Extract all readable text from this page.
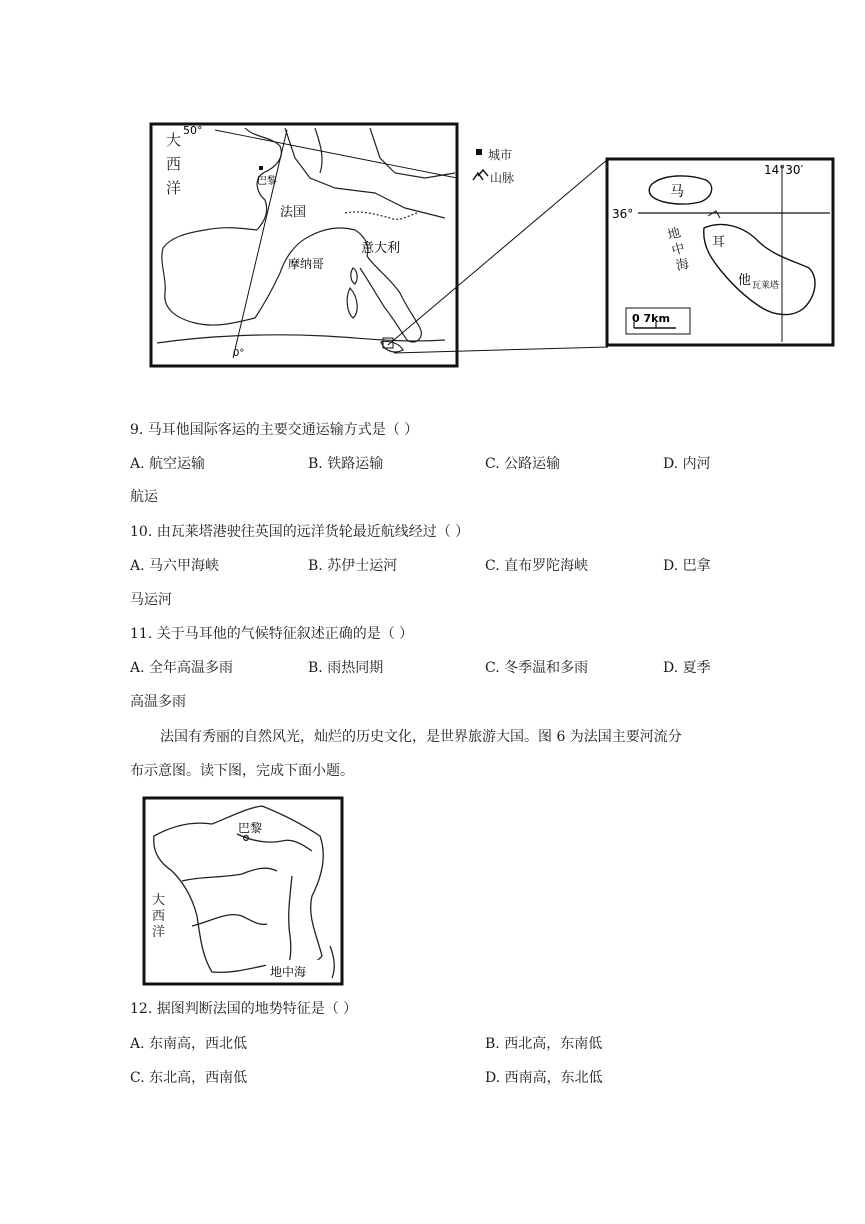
50°
巴黎
法国
意大利
摩纳哥
0°
大西洋
城市
山脉
14°30′
36°
马
耳
他 瓦莱塔
0 7km
地中海
9. 马耳他国际客运的主要交通运输方式是（ ）
A. 航空运输	B. 铁路运输	C. 公路运输	D. 内河
航运
10. 由瓦莱塔港驶往英国的远洋货轮最近航线经过（ ）
A. 马六甲海峡	B. 苏伊士运河	C. 直布罗陀海峡	D. 巴拿
马运河
11. 关于马耳他的气候特征叙述正确的是（ ）
A. 全年高温多雨	B. 雨热同期	C. 冬季温和多雨	D. 夏季
高温多雨
法国有秀丽的自然风光，灿烂的历史文化，是世界旅游大国。图 6 为法国主要河流分
布示意图。读下图，完成下面小题。
巴黎
地中海
大西洋
12. 据图判断法国的地势特征是（ ）
A. 东南高，西北低	B. 西北高，东南低
C. 东北高，西南低	D. 西南高，东北低
